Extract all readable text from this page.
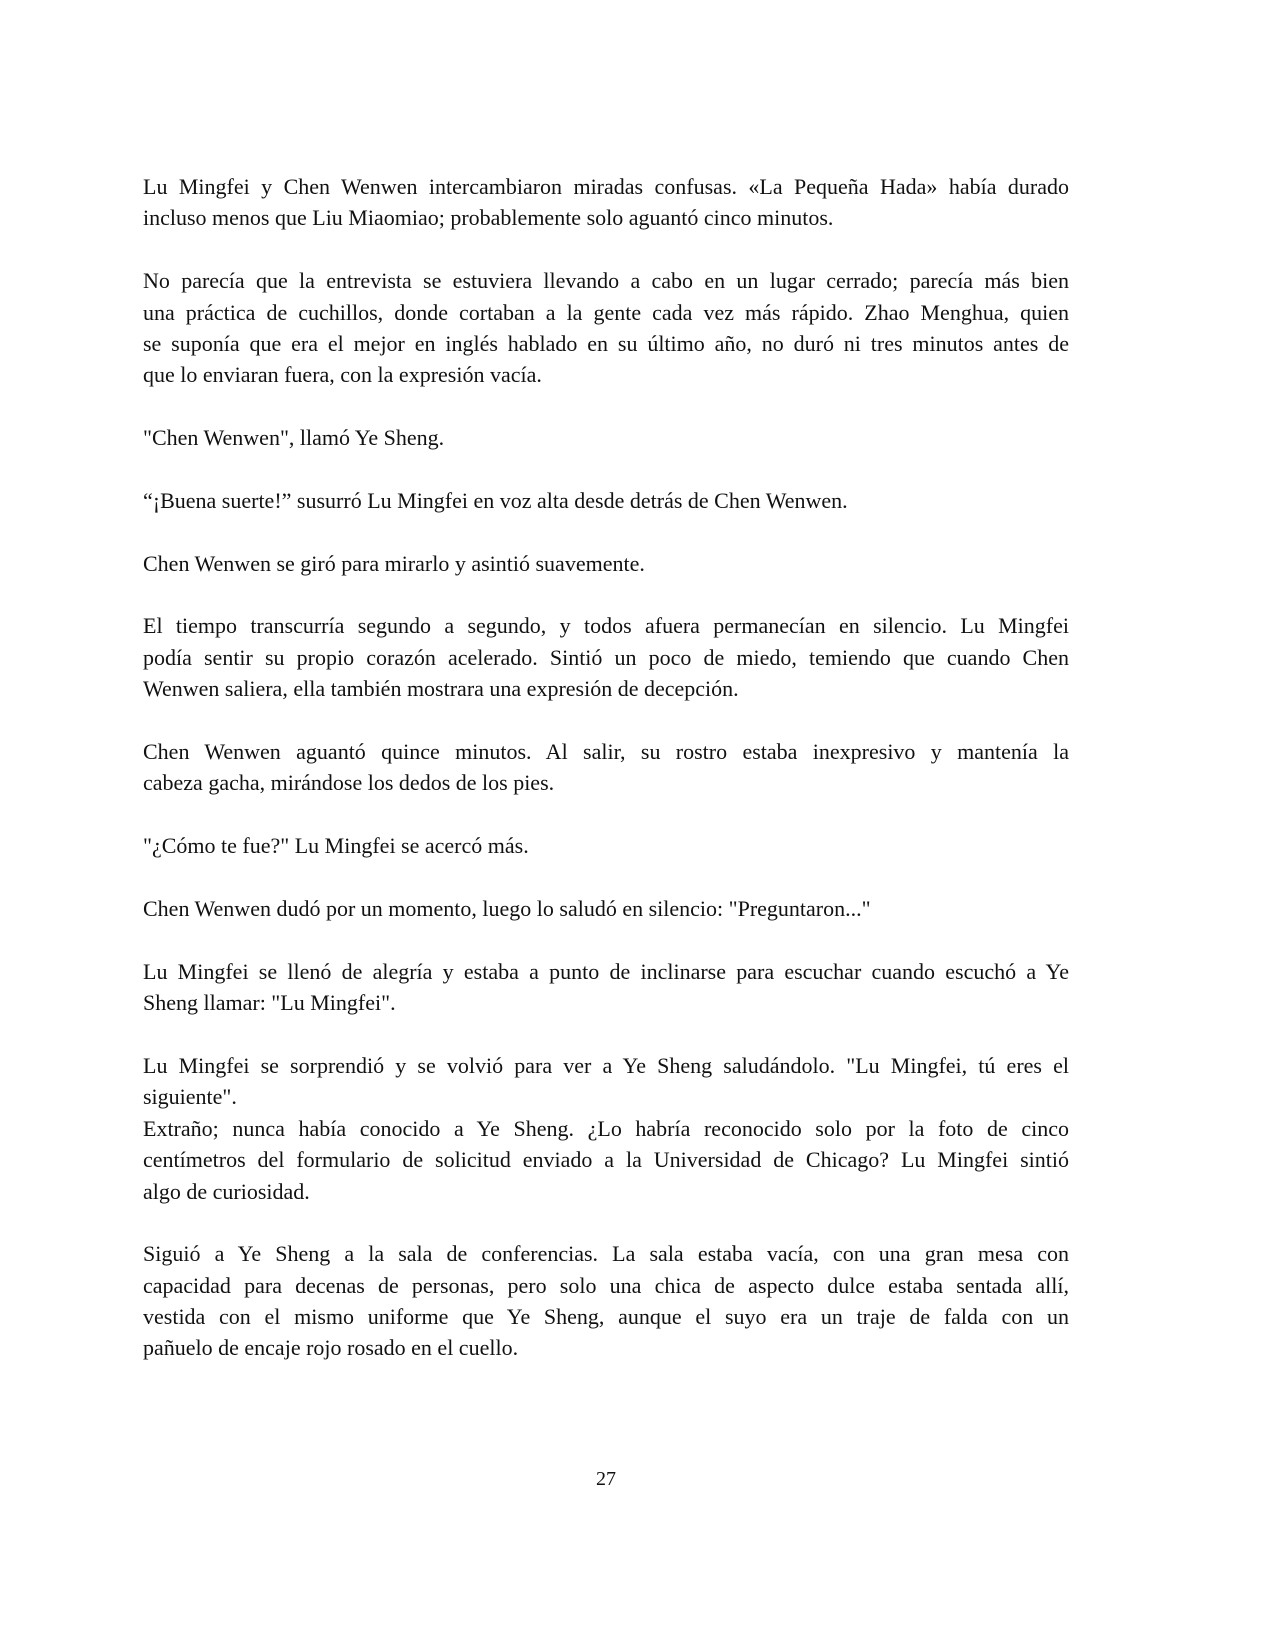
Lu Mingfei y Chen Wenwen intercambiaron miradas confusas. «La Pequeña Hada» había durado
incluso menos que Liu Miaomiao; probablemente solo aguantó cinco minutos.
No parecía que la entrevista se estuviera llevando a cabo en un lugar cerrado; parecía más bien
una práctica de cuchillos, donde cortaban a la gente cada vez más rápido. Zhao Menghua, quien
se suponía que era el mejor en inglés hablado en su último año, no duró ni tres minutos antes de
que lo enviaran fuera, con la expresión vacía.
"Chen Wenwen", llamó Ye Sheng.
“¡Buena suerte!” susurró Lu Mingfei en voz alta desde detrás de Chen Wenwen.
Chen Wenwen se giró para mirarlo y asintió suavemente.
El tiempo transcurría segundo a segundo, y todos afuera permanecían en silencio. Lu Mingfei
podía sentir su propio corazón acelerado. Sintió un poco de miedo, temiendo que cuando Chen
Wenwen saliera, ella también mostrara una expresión de decepción.
Chen Wenwen aguantó quince minutos. Al salir, su rostro estaba inexpresivo y mantenía la
cabeza gacha, mirándose los dedos de los pies.
"¿Cómo te fue?" Lu Mingfei se acercó más.
Chen Wenwen dudó por un momento, luego lo saludó en silencio: "Preguntaron..."
Lu Mingfei se llenó de alegría y estaba a punto de inclinarse para escuchar cuando escuchó a Ye
Sheng llamar: "Lu Mingfei".
Lu Mingfei se sorprendió y se volvió para ver a Ye Sheng saludándolo. "Lu Mingfei, tú eres el
siguiente".
Extraño; nunca había conocido a Ye Sheng. ¿Lo habría reconocido solo por la foto de cinco
centímetros del formulario de solicitud enviado a la Universidad de Chicago? Lu Mingfei sintió
algo de curiosidad.
Siguió a Ye Sheng a la sala de conferencias. La sala estaba vacía, con una gran mesa con
capacidad para decenas de personas, pero solo una chica de aspecto dulce estaba sentada allí,
vestida con el mismo uniforme que Ye Sheng, aunque el suyo era un traje de falda con un
pañuelo de encaje rojo rosado en el cuello.
27
